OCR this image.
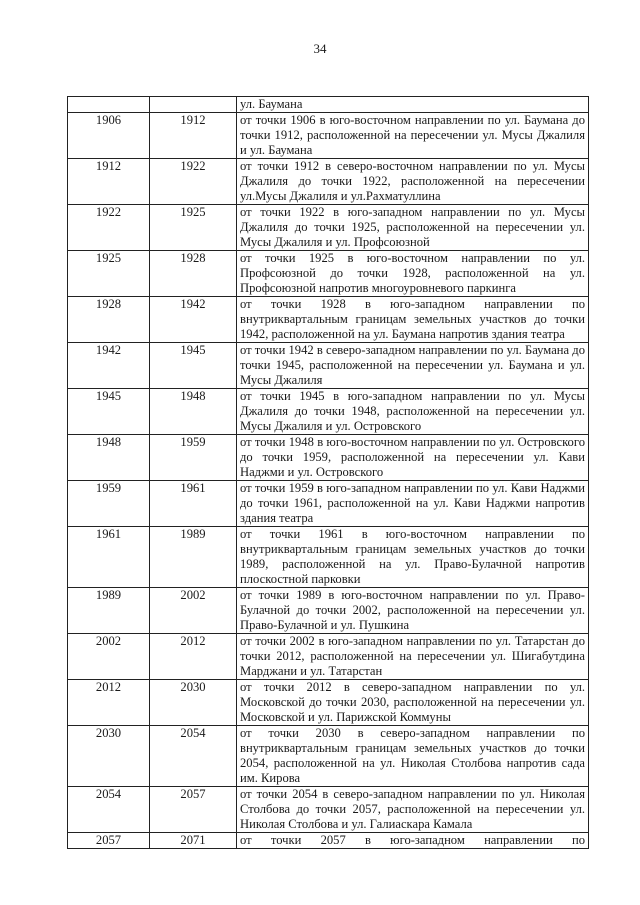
34
		ул. Баумана
1906	1912	от точки 1906 в юго-восточном направлении по ул. Баумана до точки 1912, расположенной на пересечении ул. Мусы Джалиля и ул. Баумана
1912	1922	от точки 1912 в северо-восточном направлении по ул. Мусы Джалиля до точки 1922, расположенной на пересечении ул.Мусы Джалиля и ул.Рахматуллина
1922	1925	от точки 1922 в юго-западном направлении по ул. Мусы Джалиля до точки 1925, расположенной на пересечении ул. Мусы Джалиля и ул. Профсоюзной
1925	1928	от точки 1925 в юго-восточном направлении по ул. Профсоюзной до точки 1928, расположенной на ул. Профсоюзной напротив многоуровневого паркинга
1928	1942	от точки 1928 в юго-западном направлении по внутриквартальным границам земельных участков до точки 1942, расположенной на ул. Баумана напротив здания театра
1942	1945	от точки 1942 в северо-западном направлении по ул. Баумана до точки 1945, расположенной на пересечении ул. Баумана и ул. Мусы Джалиля
1945	1948	от точки 1945 в юго-западном направлении по ул. Мусы Джалиля до точки 1948, расположенной на пересечении ул. Мусы Джалиля и ул. Островского
1948	1959	от точки 1948 в юго-восточном направлении по ул. Островского до точки 1959, расположенной на пересечении ул. Кави Наджми и ул. Островского
1959	1961	от точки 1959 в юго-западном направлении по ул. Кави Наджми до точки 1961, расположенной на ул. Кави Наджми напротив здания театра
1961	1989	от точки 1961 в юго-восточном направлении по внутриквартальным границам земельных участков до точки 1989, расположенной на ул. Право-Булачной напротив плоскостной парковки
1989	2002	от точки 1989 в юго-восточном направлении по ул. Право-Булачной до точки 2002, расположенной на пересечении ул. Право-Булачной и ул. Пушкина
2002	2012	от точки 2002 в юго-западном направлении по ул. Татарстан до точки 2012, расположенной на пересечении ул. Шигабутдина Марджани и ул. Татарстан
2012	2030	от точки 2012 в северо-западном направлении по ул. Московской до точки 2030, расположенной на пересечении ул. Московской и ул. Парижской Коммуны
2030	2054	от точки 2030 в северо-западном направлении по внутриквартальным границам земельных участков до точки 2054, расположенной на ул. Николая Столбова напротив сада им. Кирова
2054	2057	от точки 2054 в северо-западном направлении по ул. Николая Столбова до точки 2057, расположенной на пересечении ул. Николая Столбова и ул. Галиаскара Камала
2057	2071	от точки 2057 в юго-западном направлении по
